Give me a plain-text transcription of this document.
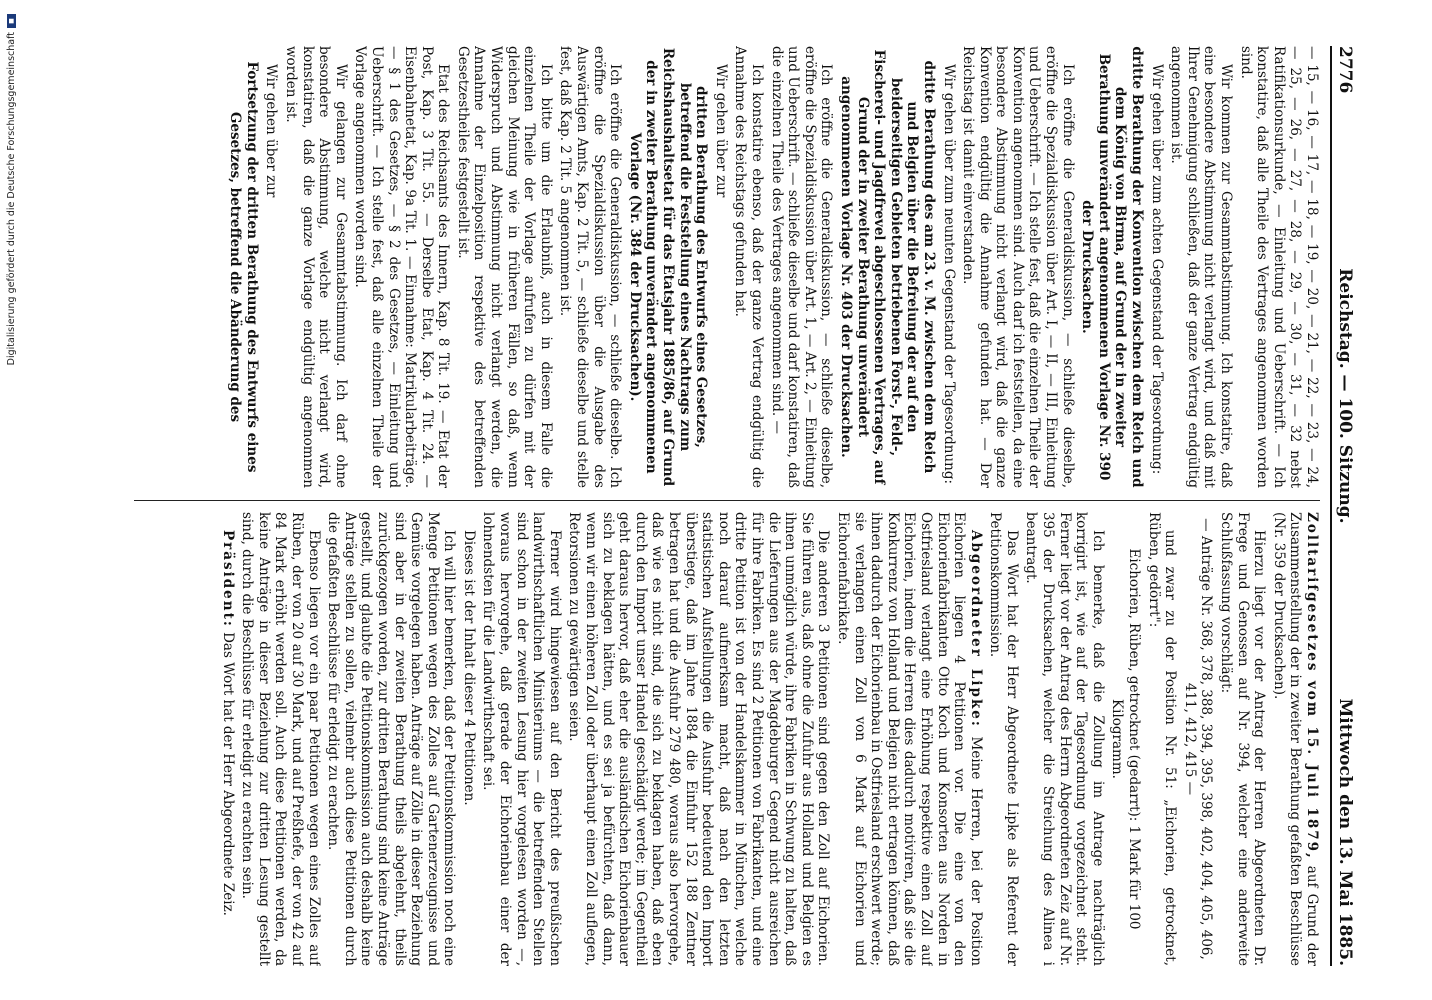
2776
Reichstag. — 100. Sitzung.
Mittwoch den 13. Mai 1885.

— 15, — 16, — 17, — 18, — 19, — 20, — 21, — 22, — 23, — 24, — 25, — 26, — 27, — 28, — 29, — 30, — 31, — 32 nebst Ratifikationsurkunde, — Einleitung und Ueberschrift. — Ich konstatire, daß alle Theile des Vertrages angenommen worden sind.

Wir kommen zur Gesammtabstimmung. Ich konstatire, daß eine besondere Abstimmung nicht verlangt wird, und daß mit Ihrer Genehmigung schließen, daß der ganze Vertrag endgültig angenommen ist.

Wir gehen über zum achten Gegenstand der Tagesordnung:

dritte Berathung der Konvention zwischen dem Reich und dem König von Birma, auf Grund der in zweiter Berathung unverändert angenommenen Vorlage Nr. 390 der Drucksachen.

Ich eröffne die Generaldiskussion, — schließe dieselbe, eröffne die Spezialdiskussion über Art. I, — II, — III, Einleitung und Ueberschrift. — Ich stelle fest, daß die einzelnen Theile der Konvention angenommen sind. Auch darf ich feststellen, da eine besondere Abstimmung nicht verlangt wird, daß die ganze Konvention endgültig die Annahme gefunden hat. — Der Reichstag ist damit einverstanden.

Wir gehen über zum neunten Gegenstand der Tagesordnung:

dritte Berathung des am 23. v. M. zwischen dem Reich und Belgien über die Befreiung der auf den beiderseitigen Gebieten betriebenen Forst-, Feld-, Fischerei- und Jagdfrevel abgeschlossenen Vertrages, auf Grund der in zweiter Berathung unverändert angenommenen Vorlage Nr. 403 der Drucksachen.

Ich eröffne die Generaldiskussion, — schließe dieselbe, eröffne die Spezialdiskussion über Art. 1, — Art. 2, — Einleitung und Ueberschrift. — schließe dieselbe und darf konstatiren, daß die einzelnen Theile des Vertrages angenommen sind. —

Ich konstatire ebenso, daß der ganze Vertrag endgültig die Annahme des Reichstags gefunden hat.

Wir gehen über zur

dritten Berathung des Entwurfs eines Gesetzes, betreffend die Feststellung eines Nachtrags zum Reichshaushaltsetat für das Etatsjahr 1885/86, auf Grund der in zweiter Berathung unverändert angenommenen Vorlage (Nr. 384 der Drucksachen).

Ich eröffne die Generaldiskussion, — schließe dieselbe. Ich eröffne die Spezialdiskussion über die Ausgabe des Auswärtigen Amts, Kap. 2 Tit. 5, — schließe dieselbe und stelle fest, daß Kap. 2 Tit. 5 angenommen ist.

Ich bitte um die Erlaubniß, auch in diesem Falle die einzelnen Theile der Vorlage aufrufen zu dürfen mit der gleichen Meinung wie in früheren Fällen, so daß, wenn Widerspruch und Abstimmung nicht verlangt werden, die Annahme der Einzelposition respektive des betreffenden Gesetzestheiles festgestellt ist.

Etat des Reichsamts des Innern, Kap. 8 Tit. 19. — Etat der Post, Kap. 3 Tit. 55. — Derselbe Etat, Kap. 4 Tit. 24. — Eisenbahnetat, Kap. 9a Tit. 1. — Einnahme: Matrikularbeiträge. — § 1 des Gesetzes, — § 2 des Gesetzes, — Einleitung und Ueberschrift. — Ich stelle fest, daß alle einzelnen Theile der Vorlage angenommen worden sind.

Wir gelangen zur Gesammtabstimmung. Ich darf ohne besondere Abstimmung, welche nicht verlangt wird, konstatiren, daß die ganze Vorlage endgültig angenommen worden ist.

Wir gehen über zur

Fortsetzung der dritten Berathung des Entwurfs eines Gesetzes, betreffend die Abänderung des

Zolltarifgesetzes vom 15. Juli 1879, auf Grund der Zusammenstellung der in zweiter Berathung gefaßten Beschlüsse (Nr. 359 der Drucksachen).

Hierzu liegt vor der Antrag der Herren Abgeordneten Dr. Frege und Genossen auf Nr. 394, welcher eine anderweite Schlußfassung vorschlägt:

— Anträge Nr. 368, 378, 388, 394, 395, 398, 402, 404, 405, 406, 411, 412, 415 —

und zwar zu der Position Nr. 51: „Eichorien, getrocknet, Rüben, gedörrt":

Eichorien, Rüben, getrocknet (gedarrt): 1 Mark für 100 Kilogramm.

Ich bemerke, daß die Zollung im Antrage nachträglich korrigirt ist, wie auf der Tagesordnung vorgezeichnet steht. Ferner liegt vor der Antrag des Herrn Abgeordneten Zeiz auf Nr. 395 der Drucksachen, welcher die Streichung des Alinea i beantragt.

Das Wort hat der Herr Abgeordnete Lipke als Referent der Petitionskommission.

Abgeordneter Lipke: Meine Herren, bei der Position Eichorien liegen 4 Petitionen vor. Die eine von den Eichorienfabrikanten Otto Koch und Konsorten aus Norden in Ostfriesland verlangt eine Erhöhung respektive einen Zoll auf Eichorien, indem die Herren dies dadurch motiviren, daß sie die Konkurrenz von Holland und Belgien nicht ertragen können, daß ihnen dadurch der Eichorienbau in Ostfriesland erschwert werde; sie verlangen einen Zoll von 6 Mark auf Eichorien und Eichorienfabrikate.

Die anderen 3 Petitionen sind gegen den Zoll auf Eichorien. Sie führen aus, daß ohne die Zufuhr aus Holland und Belgien es ihnen unmöglich würde, ihre Fabriken in Schwung zu halten, daß die Lieferungen aus der Magdeburger Gegend nicht ausreichen für ihre Fabriken. Es sind 2 Petitionen von Fabrikanten, und eine dritte Petition ist von der Handelskammer in München, welche noch darauf aufmerksam macht, daß nach den letzten statistischen Aufstellungen die Ausfuhr bedeutend den Import überstiege, daß im Jahre 1884 die Einfuhr 152 188 Zentner betragen hat und die Ausfuhr 279 480, woraus also hervorgehe, daß wie es nicht sind, die sich zu beklagen haben, daß eben durch den Import unser Handel geschädigt werde; im Gegentheil geht daraus hervor, daß eher die ausländischen Eichorienbauer sich zu beklagen hätten, und es sei ja befürchten, daß dann, wenn wir einen höheren Zoll oder überhaupt einen Zoll auflegen, Retorsionen zu gewärtigen seien.

Ferner wird hingewiesen auf den Bericht des preußischen landwirthschaftlichen Ministeriums — die betreffenden Stellen sind schon in der zweiten Lesung hier vorgelesen worden —, woraus hervorgehe, daß gerade der Eichorienbau einer der lohnendsten für die Landwirthschaft sei.

Dieses ist der Inhalt dieser 4 Petitionen.

Ich will hier bemerken, daß der Petitionskommission noch eine Menge Petitionen wegen des Zolles auf Gartenerzeugnisse und Gemüse vorgelegen haben. Anträge auf Zölle in dieser Beziehung sind aber in der zweiten Berathung theils abgelehnt, theils zurückgezogen worden, zur dritten Berathung sind keine Anträge gestellt, und glaubte die Petitionskommission auch deshalb keine Anträge stellen zu sollen, vielmehr auch diese Petitionen durch die gefaßten Beschlüsse für erledigt zu erachten.

Ebenso liegen vor ein paar Petitionen wegen eines Zolles auf Rüben, der von 20 auf 30 Mark, und auf Preßhefe, der von 42 auf 84 Mark erhöht werden soll. Auch diese Petitionen werden, da keine Anträge in dieser Beziehung zur dritten Lesung gestellt sind, durch die Beschlüsse für erledigt zu erachten sein.

Präsident: Das Wort hat der Herr Abgeordnete Zeiz.

Digitalisierung gefördert durch die Deutsche Forschungsgemeinschaft
■
